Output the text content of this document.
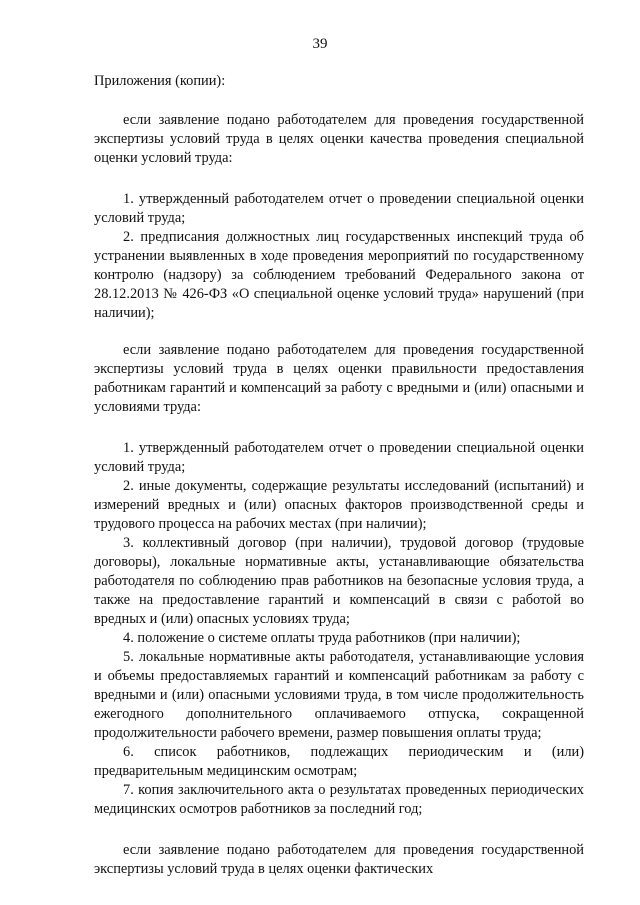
39

Приложения (копии):

если заявление подано работодателем для проведения государственной экспертизы условий труда в целях оценки качества проведения специальной оценки условий труда:

1. утвержденный работодателем отчет о проведении специальной оценки условий труда;

2. предписания должностных лиц государственных инспекций труда об устранении выявленных в ходе проведения мероприятий по государственному контролю (надзору) за соблюдением требований Федерального закона от 28.12.2013 № 426-ФЗ «О специальной оценке условий труда» нарушений (при наличии);

если заявление подано работодателем для проведения государственной экспертизы условий труда в целях оценки правильности предоставления работникам гарантий и компенсаций за работу с вредными и (или) опасными и условиями труда:

1. утвержденный работодателем отчет о проведении специальной оценки условий труда;

2. иные документы, содержащие результаты исследований (испытаний) и измерений вредных и (или) опасных факторов производственной среды и трудового процесса на рабочих местах (при наличии);

3. коллективный договор (при наличии), трудовой договор (трудовые договоры), локальные нормативные акты, устанавливающие обязательства работодателя по соблюдению прав работников на безопасные условия труда, а также на предоставление гарантий и компенсаций в связи с работой во вредных и (или) опасных условиях труда;

4. положение о системе оплаты труда работников (при наличии);

5. локальные нормативные акты работодателя, устанавливающие условия и объемы предоставляемых гарантий и компенсаций работникам за работу с вредными и (или) опасными условиями труда, в том числе продолжительность ежегодного дополнительного оплачиваемого отпуска, сокращенной продолжительности рабочего времени, размер повышения оплаты труда;

6. список работников, подлежащих периодическим и (или) предварительным медицинским осмотрам;

7. копия заключительного акта о результатах проведенных периодических медицинских осмотров работников за последний год;

если заявление подано работодателем для проведения государственной экспертизы условий труда в целях оценки фактических
